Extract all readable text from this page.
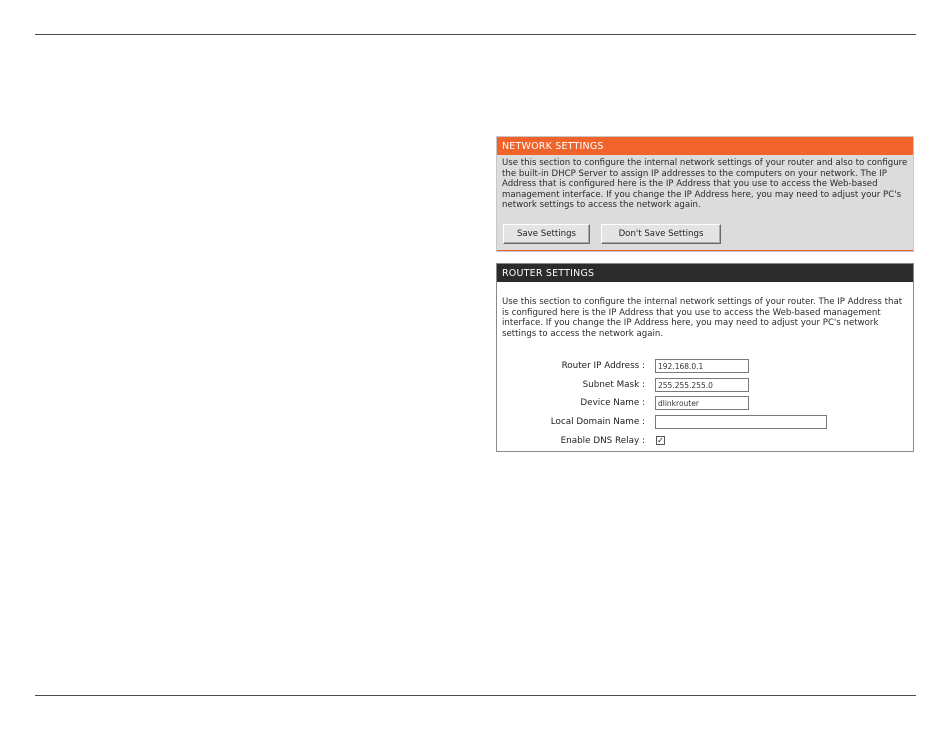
NETWORK SETTINGS
Use this section to configure the internal network settings of your router and also to configure the built-in DHCP Server to assign IP addresses to the computers on your network. The IP Address that is configured here is the IP Address that you use to access the Web-based management interface. If you change the IP Address here, you may need to adjust your PC's network settings to access the network again.
Save Settings	Don't Save Settings
ROUTER SETTINGS
Use this section to configure the internal network settings of your router. The IP Address that is configured here is the IP Address that you use to access the Web-based management interface. If you change the IP Address here, you may need to adjust your PC's network settings to access the network again.
Router IP Address :
192.168.0.1
Subnet Mask :
255.255.255.0
Device Name :
dlinkrouter
Local Domain Name :
Enable DNS Relay : ✓
